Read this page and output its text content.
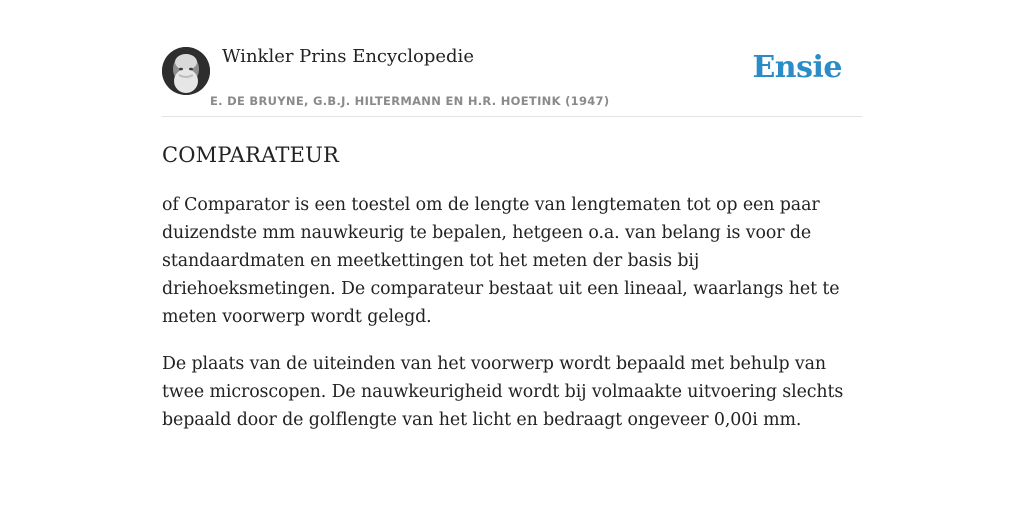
Winkler Prins Encyclopedie
E. DE BRUYNE, G.B.J. HILTERMANN EN H.R. HOETINK (1947)
Ensie
COMPARATEUR

of Comparator is een toestel om de lengte van lengtematen tot op een paar duizendste mm nauwkeurig te bepalen, hetgeen o.a. van belang is voor de standaardmaten en meetkettingen tot het meten der basis bij driehoeksmetingen. De comparateur bestaat uit een lineaal, waarlangs het te meten voorwerp wordt gelegd.

De plaats van de uiteinden van het voorwerp wordt bepaald met behulp van twee microscopen. De nauwkeurigheid wordt bij volmaakte uitvoering slechts bepaald door de golflengte van het licht en bedraagt ongeveer 0,00i mm.
